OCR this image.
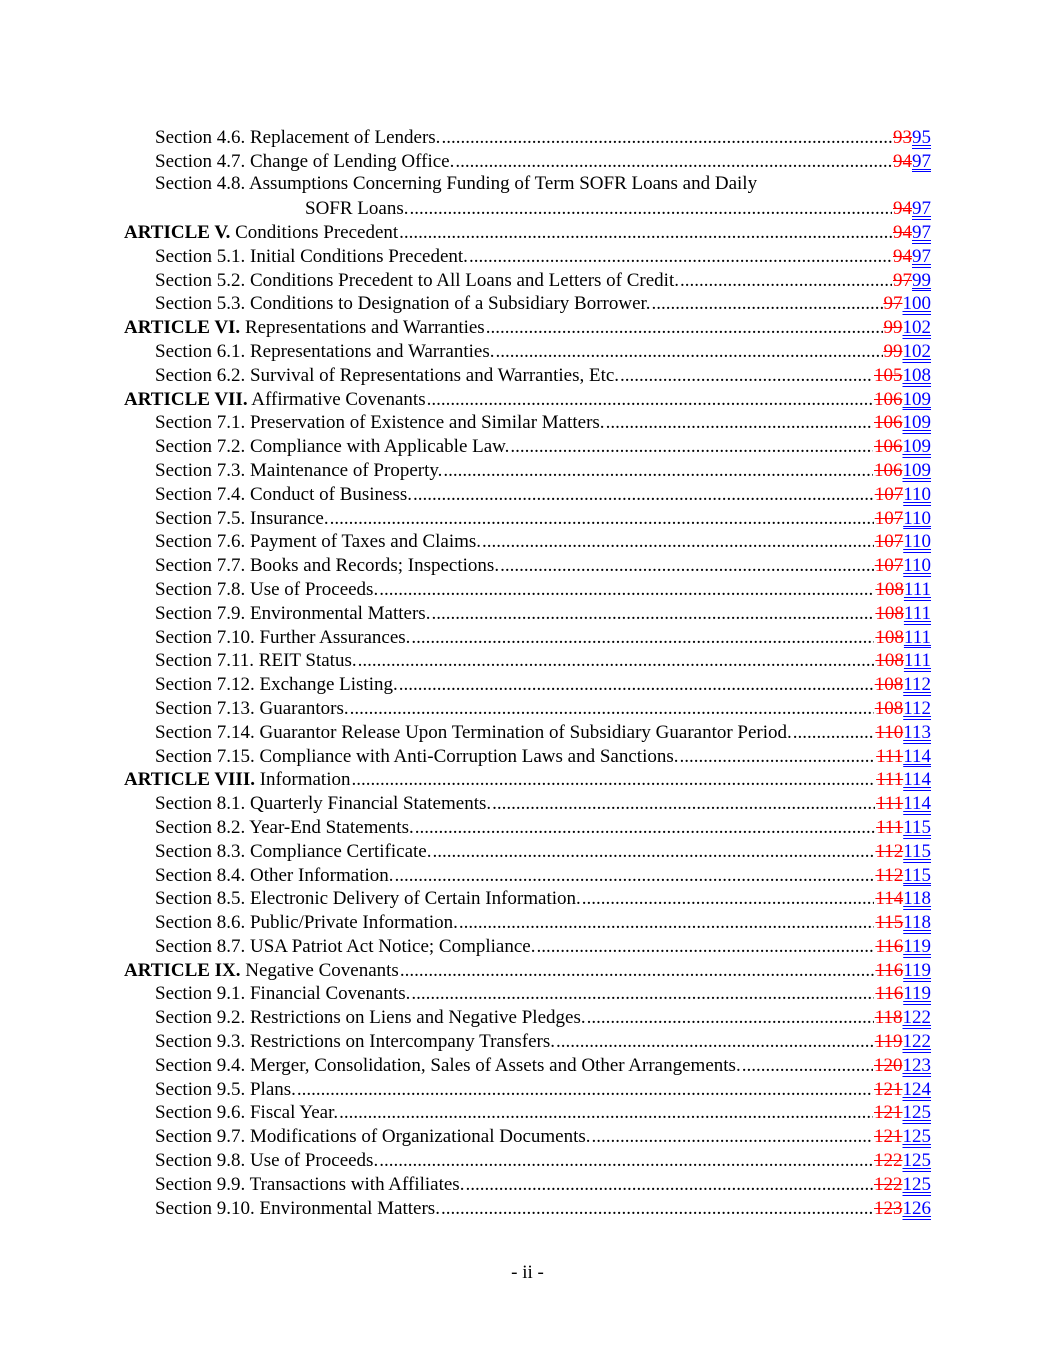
Section 4.6. Replacement of Lenders. .....	93 95
Section 4.7. Change of Lending Office. .....	94 97
Section 4.8. Assumptions Concerning Funding of Term SOFR Loans and Daily
SOFR Loans. .....	94 97
ARTICLE V. Conditions Precedent .....	94 97
Section 5.1. Initial Conditions Precedent. .....	94 97
Section 5.2. Conditions Precedent to All Loans and Letters of Credit. .....	97 99
Section 5.3. Conditions to Designation of a Subsidiary Borrower. .....	97 100
ARTICLE VI. Representations and Warranties .....	99 102
Section 6.1. Representations and Warranties. .....	99 102
Section 6.2. Survival of Representations and Warranties, Etc. .....	105 108
ARTICLE VII. Affirmative Covenants .....	106 109
Section 7.1. Preservation of Existence and Similar Matters. .....	106 109
Section 7.2. Compliance with Applicable Law. .....	106 109
Section 7.3. Maintenance of Property. .....	106 109
Section 7.4. Conduct of Business. .....	107 110
Section 7.5. Insurance. .....	107 110
Section 7.6. Payment of Taxes and Claims. .....	107 110
Section 7.7. Books and Records; Inspections. .....	107 110
Section 7.8. Use of Proceeds. .....	108 111
Section 7.9. Environmental Matters. .....	108 111
Section 7.10. Further Assurances. .....	108 111
Section 7.11. REIT Status. .....	108 111
Section 7.12. Exchange Listing. .....	108 112
Section 7.13. Guarantors. .....	108 112
Section 7.14. Guarantor Release Upon Termination of Subsidiary Guarantor Period. .....	110 113
Section 7.15. Compliance with Anti-Corruption Laws and Sanctions. .....	111 114
ARTICLE VIII. Information .....	111 114
Section 8.1. Quarterly Financial Statements. .....	111 114
Section 8.2. Year-End Statements. .....	111 115
Section 8.3. Compliance Certificate. .....	112 115
Section 8.4. Other Information. .....	112 115
Section 8.5. Electronic Delivery of Certain Information. .....	114 118
Section 8.6. Public/Private Information. .....	115 118
Section 8.7. USA Patriot Act Notice; Compliance. .....	116 119
ARTICLE IX. Negative Covenants .....	116 119
Section 9.1. Financial Covenants. .....	116 119
Section 9.2. Restrictions on Liens and Negative Pledges. .....	118 122
Section 9.3. Restrictions on Intercompany Transfers. .....	119 122
Section 9.4. Merger, Consolidation, Sales of Assets and Other Arrangements. .....	120 123
Section 9.5. Plans. .....	121 124
Section 9.6. Fiscal Year. .....	121 125
Section 9.7. Modifications of Organizational Documents. .....	121 125
Section 9.8. Use of Proceeds. .....	122 125
Section 9.9. Transactions with Affiliates. .....	122 125
Section 9.10. Environmental Matters. .....	123 126
- ii -
